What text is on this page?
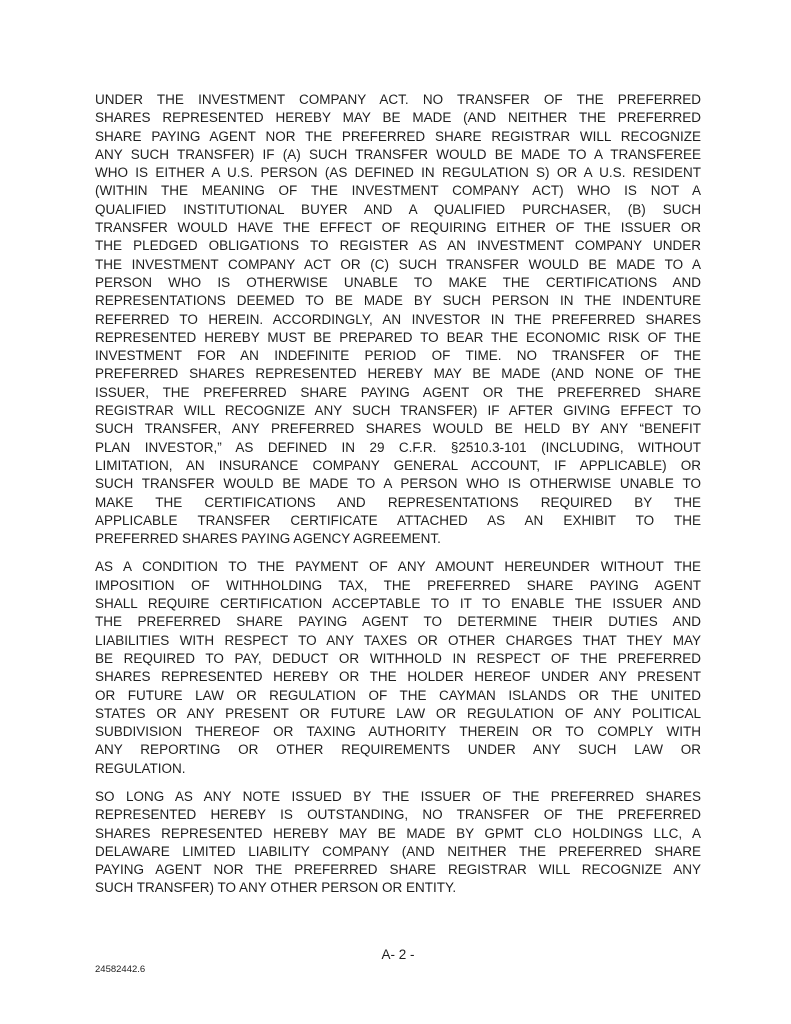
UNDER THE INVESTMENT COMPANY ACT. NO TRANSFER OF THE PREFERRED
SHARES REPRESENTED HEREBY MAY BE MADE (AND NEITHER THE PREFERRED
SHARE PAYING AGENT NOR THE PREFERRED SHARE REGISTRAR WILL RECOGNIZE
ANY SUCH TRANSFER) IF (A) SUCH TRANSFER WOULD BE MADE TO A TRANSFEREE
WHO IS EITHER A U.S. PERSON (AS DEFINED IN REGULATION S) OR A U.S. RESIDENT
(WITHIN THE MEANING OF THE INVESTMENT COMPANY ACT) WHO IS NOT A
QUALIFIED INSTITUTIONAL BUYER AND A QUALIFIED PURCHASER, (B) SUCH
TRANSFER WOULD HAVE THE EFFECT OF REQUIRING EITHER OF THE ISSUER OR
THE PLEDGED OBLIGATIONS TO REGISTER AS AN INVESTMENT COMPANY UNDER
THE INVESTMENT COMPANY ACT OR (C) SUCH TRANSFER WOULD BE MADE TO A
PERSON WHO IS OTHERWISE UNABLE TO MAKE THE CERTIFICATIONS AND
REPRESENTATIONS DEEMED TO BE MADE BY SUCH PERSON IN THE INDENTURE
REFERRED TO HEREIN. ACCORDINGLY, AN INVESTOR IN THE PREFERRED SHARES
REPRESENTED HEREBY MUST BE PREPARED TO BEAR THE ECONOMIC RISK OF THE
INVESTMENT FOR AN INDEFINITE PERIOD OF TIME. NO TRANSFER OF THE
PREFERRED SHARES REPRESENTED HEREBY MAY BE MADE (AND NONE OF THE
ISSUER, THE PREFERRED SHARE PAYING AGENT OR THE PREFERRED SHARE
REGISTRAR WILL RECOGNIZE ANY SUCH TRANSFER) IF AFTER GIVING EFFECT TO
SUCH TRANSFER, ANY PREFERRED SHARES WOULD BE HELD BY ANY “BENEFIT
PLAN INVESTOR,” AS DEFINED IN 29 C.F.R. §2510.3-101 (INCLUDING, WITHOUT
LIMITATION, AN INSURANCE COMPANY GENERAL ACCOUNT, IF APPLICABLE) OR
SUCH TRANSFER WOULD BE MADE TO A PERSON WHO IS OTHERWISE UNABLE TO
MAKE THE CERTIFICATIONS AND REPRESENTATIONS REQUIRED BY THE
APPLICABLE TRANSFER CERTIFICATE ATTACHED AS AN EXHIBIT TO THE
PREFERRED SHARES PAYING AGENCY AGREEMENT.
AS A CONDITION TO THE PAYMENT OF ANY AMOUNT HEREUNDER WITHOUT THE
IMPOSITION OF WITHHOLDING TAX, THE PREFERRED SHARE PAYING AGENT
SHALL REQUIRE CERTIFICATION ACCEPTABLE TO IT TO ENABLE THE ISSUER AND
THE PREFERRED SHARE PAYING AGENT TO DETERMINE THEIR DUTIES AND
LIABILITIES WITH RESPECT TO ANY TAXES OR OTHER CHARGES THAT THEY MAY
BE REQUIRED TO PAY, DEDUCT OR WITHHOLD IN RESPECT OF THE PREFERRED
SHARES REPRESENTED HEREBY OR THE HOLDER HEREOF UNDER ANY PRESENT
OR FUTURE LAW OR REGULATION OF THE CAYMAN ISLANDS OR THE UNITED
STATES OR ANY PRESENT OR FUTURE LAW OR REGULATION OF ANY POLITICAL
SUBDIVISION THEREOF OR TAXING AUTHORITY THEREIN OR TO COMPLY WITH
ANY REPORTING OR OTHER REQUIREMENTS UNDER ANY SUCH LAW OR
REGULATION.
SO LONG AS ANY NOTE ISSUED BY THE ISSUER OF THE PREFERRED SHARES
REPRESENTED HEREBY IS OUTSTANDING, NO TRANSFER OF THE PREFERRED
SHARES REPRESENTED HEREBY MAY BE MADE BY GPMT CLO HOLDINGS LLC, A
DELAWARE LIMITED LIABILITY COMPANY (AND NEITHER THE PREFERRED SHARE
PAYING AGENT NOR THE PREFERRED SHARE REGISTRAR WILL RECOGNIZE ANY
SUCH TRANSFER) TO ANY OTHER PERSON OR ENTITY.
A- 2 -
24582442.6
